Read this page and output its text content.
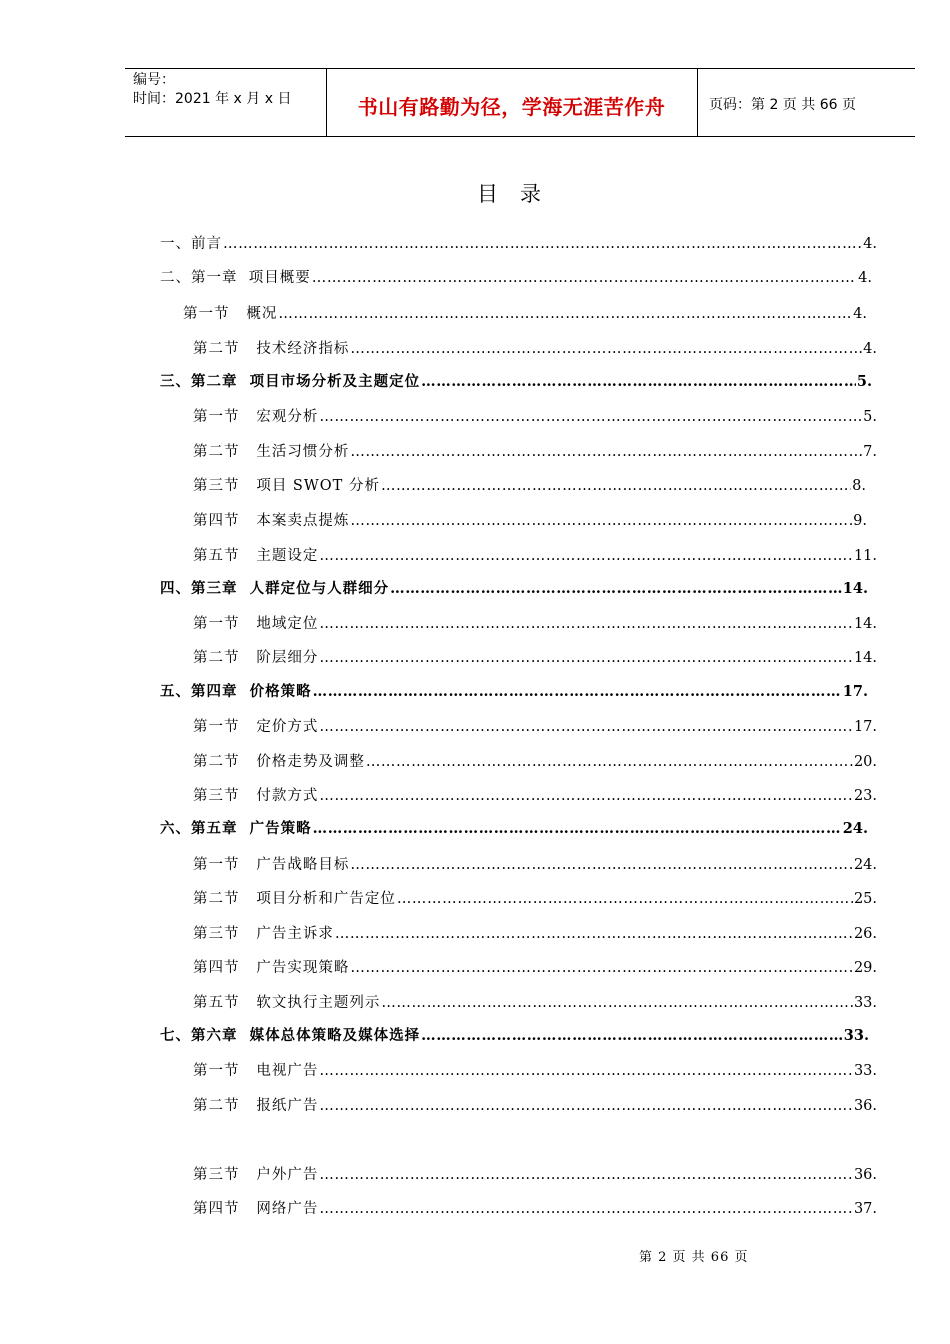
编号：
时间：2021 年 x 月 x 日	书山有路勤为径，学海无涯苦作舟	页码：第 2 页 共 66 页
目录
一、前言 ………………………………………………………………………………………………………………………………………………………………………………………………………………………………………………………………	4.
二、第一章  项目概要 ………………………………………………………………………………………………………………………………………………………………………………………………………………………………………………………………	4.
第一节   概况 ………………………………………………………………………………………………………………………………………………………………………………………………………………………………………………………………	4.
第二节   技术经济指标 ………………………………………………………………………………………………………………………………………………………………………………………………………………………………………………………………	4.
三、第二章  项目市场分析及主题定位 ………………………………………………………………………………………………………………………………………………………………………………………………………………………………………………………………	5.
第一节   宏观分析 ………………………………………………………………………………………………………………………………………………………………………………………………………………………………………………………………	5.
第二节   生活习惯分析 ………………………………………………………………………………………………………………………………………………………………………………………………………………………………………………………………	7.
第三节   项目 SWOT 分析 ………………………………………………………………………………………………………………………………………………………………………………………………………………………………………………………………	8.
第四节   本案卖点提炼 ………………………………………………………………………………………………………………………………………………………………………………………………………………………………………………………………	9.
第五节   主题设定 ………………………………………………………………………………………………………………………………………………………………………………………………………………………………………………………………	11.
四、第三章  人群定位与人群细分 ………………………………………………………………………………………………………………………………………………………………………………………………………………………………………………………………	14.
第一节   地域定位 ………………………………………………………………………………………………………………………………………………………………………………………………………………………………………………………………	14.
第二节   阶层细分 ………………………………………………………………………………………………………………………………………………………………………………………………………………………………………………………………	14.
五、第四章  价格策略 ………………………………………………………………………………………………………………………………………………………………………………………………………………………………………………………………	17.
第一节   定价方式 ………………………………………………………………………………………………………………………………………………………………………………………………………………………………………………………………	17.
第二节   价格走势及调整 ………………………………………………………………………………………………………………………………………………………………………………………………………………………………………………………………	20.
第三节   付款方式 ………………………………………………………………………………………………………………………………………………………………………………………………………………………………………………………………	23.
六、第五章  广告策略 ………………………………………………………………………………………………………………………………………………………………………………………………………………………………………………………………	24.
第一节   广告战略目标 ………………………………………………………………………………………………………………………………………………………………………………………………………………………………………………………………	24.
第二节   项目分析和广告定位 ………………………………………………………………………………………………………………………………………………………………………………………………………………………………………………………………	25.
第三节   广告主诉求 ………………………………………………………………………………………………………………………………………………………………………………………………………………………………………………………………	26.
第四节   广告实现策略 ………………………………………………………………………………………………………………………………………………………………………………………………………………………………………………………………	29.
第五节   软文执行主题列示 ………………………………………………………………………………………………………………………………………………………………………………………………………………………………………………………………	33.
七、第六章  媒体总体策略及媒体选择 ………………………………………………………………………………………………………………………………………………………………………………………………………………………………………………………………	33.
第一节   电视广告 ………………………………………………………………………………………………………………………………………………………………………………………………………………………………………………………………	33.
第二节   报纸广告 ………………………………………………………………………………………………………………………………………………………………………………………………………………………………………………………………	36.
第三节   户外广告 ………………………………………………………………………………………………………………………………………………………………………………………………………………………………………………………………	36.
第四节   网络广告 ………………………………………………………………………………………………………………………………………………………………………………………………………………………………………………………………	37.
第 2 页 共 66 页
